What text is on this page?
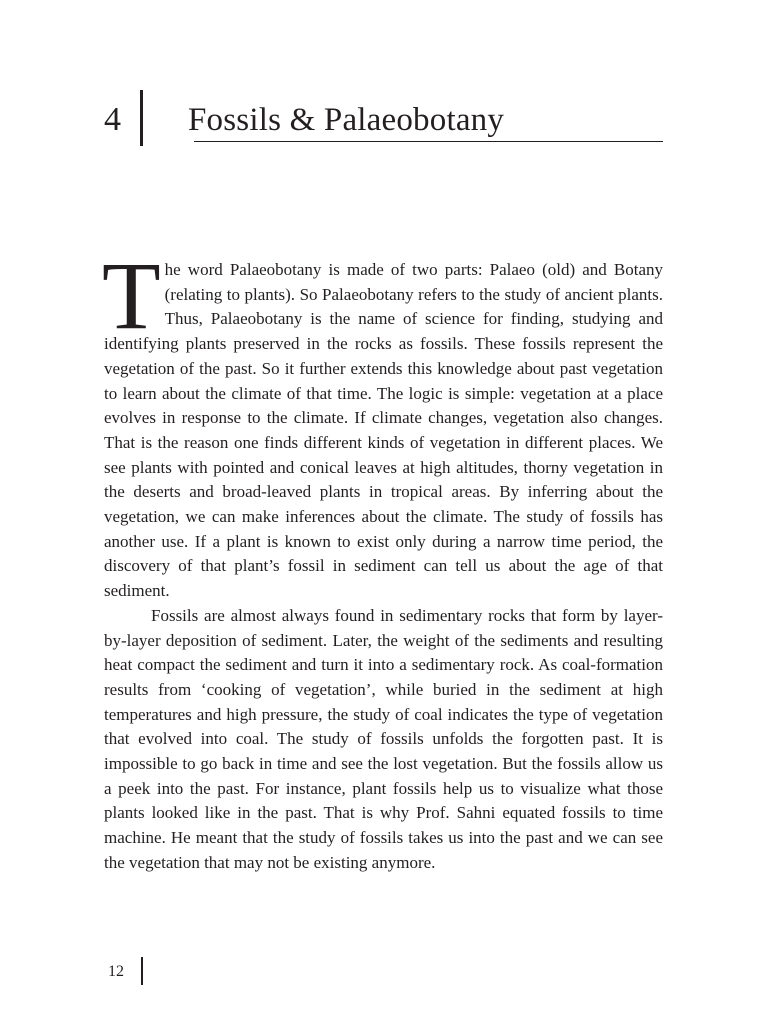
4 Fossils & Palaeobotany

The word Palaeobotany is made of two parts: Palaeo (old) and Botany (relating to plants). So Palaeobotany refers to the study of ancient plants. Thus, Palaeobotany is the name of science for finding, studying and identifying plants preserved in the rocks as fossils. These fossils represent the vegetation of the past. So it further extends this knowledge about past vegetation to learn about the climate of that time. The logic is simple: vegetation at a place evolves in response to the climate. If climate changes, vegetation also changes. That is the reason one finds different kinds of vegetation in different places. We see plants with pointed and conical leaves at high altitudes, thorny vegetation in the deserts and broad-leaved plants in tropical areas. By inferring about the vegetation, we can make inferences about the climate. The study of fossils has another use. If a plant is known to exist only during a narrow time period, the discovery of that plant’s fossil in sediment can tell us about the age of that sediment.

Fossils are almost always found in sedimentary rocks that form by layer-by-layer deposition of sediment. Later, the weight of the sediments and resulting heat compact the sediment and turn it into a sedimentary rock. As coal-formation results from ‘cooking of vegetation’, while buried in the sediment at high temperatures and high pressure, the study of coal indicates the type of vegetation that evolved into coal. The study of fossils unfolds the forgotten past. It is impossible to go back in time and see the lost vegetation. But the fossils allow us a peek into the past. For instance, plant fossils help us to visualize what those plants looked like in the past. That is why Prof. Sahni equated fossils to time machine. He meant that the study of fossils takes us into the past and we can see the vegetation that may not be existing anymore.

12
